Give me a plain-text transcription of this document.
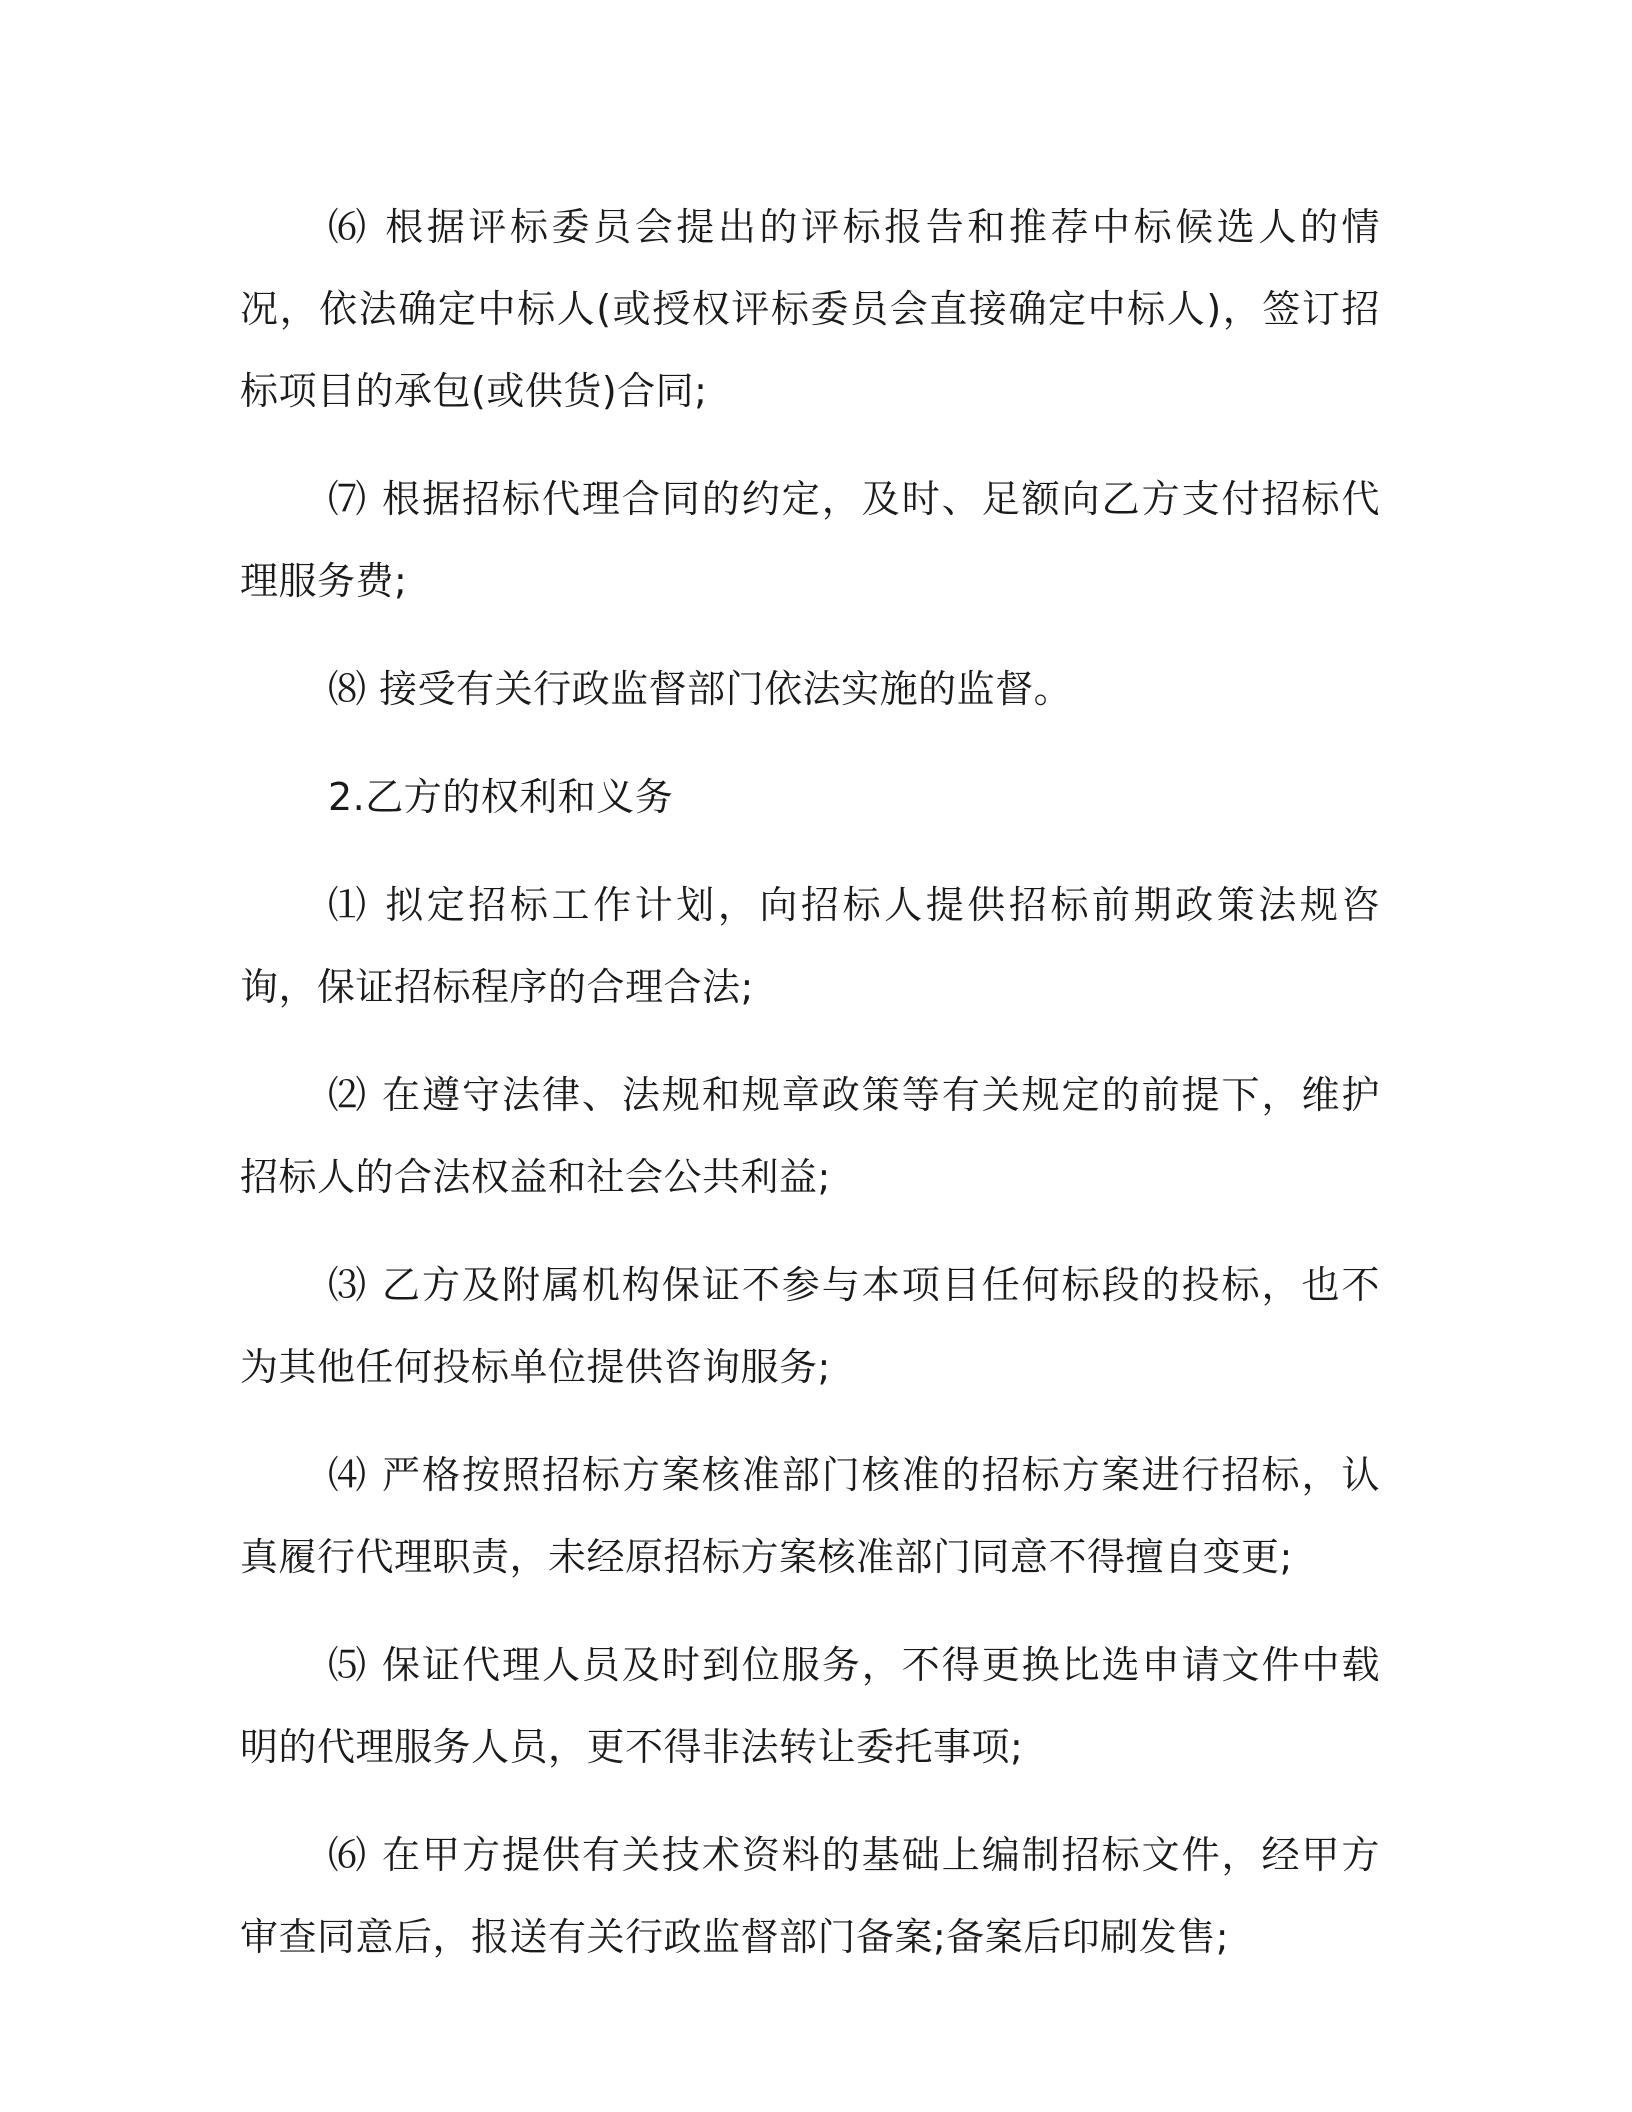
⑹ 根据评标委员会提出的评标报告和推荐中标候选人的情况，依法确定中标人(或授权评标委员会直接确定中标人)，签订招标项目的承包(或供货)合同;

⑺ 根据招标代理合同的约定，及时、足额向乙方支付招标代理服务费;

⑻ 接受有关行政监督部门依法实施的监督。

2.乙方的权利和义务

⑴ 拟定招标工作计划，向招标人提供招标前期政策法规咨询，保证招标程序的合理合法;

⑵ 在遵守法律、法规和规章政策等有关规定的前提下，维护招标人的合法权益和社会公共利益;

⑶ 乙方及附属机构保证不参与本项目任何标段的投标，也不为其他任何投标单位提供咨询服务;

⑷ 严格按照招标方案核准部门核准的招标方案进行招标，认真履行代理职责，未经原招标方案核准部门同意不得擅自变更;

⑸ 保证代理人员及时到位服务，不得更换比选申请文件中载明的代理服务人员，更不得非法转让委托事项;

⑹ 在甲方提供有关技术资料的基础上编制招标文件，经甲方审查同意后，报送有关行政监督部门备案;备案后印刷发售;
